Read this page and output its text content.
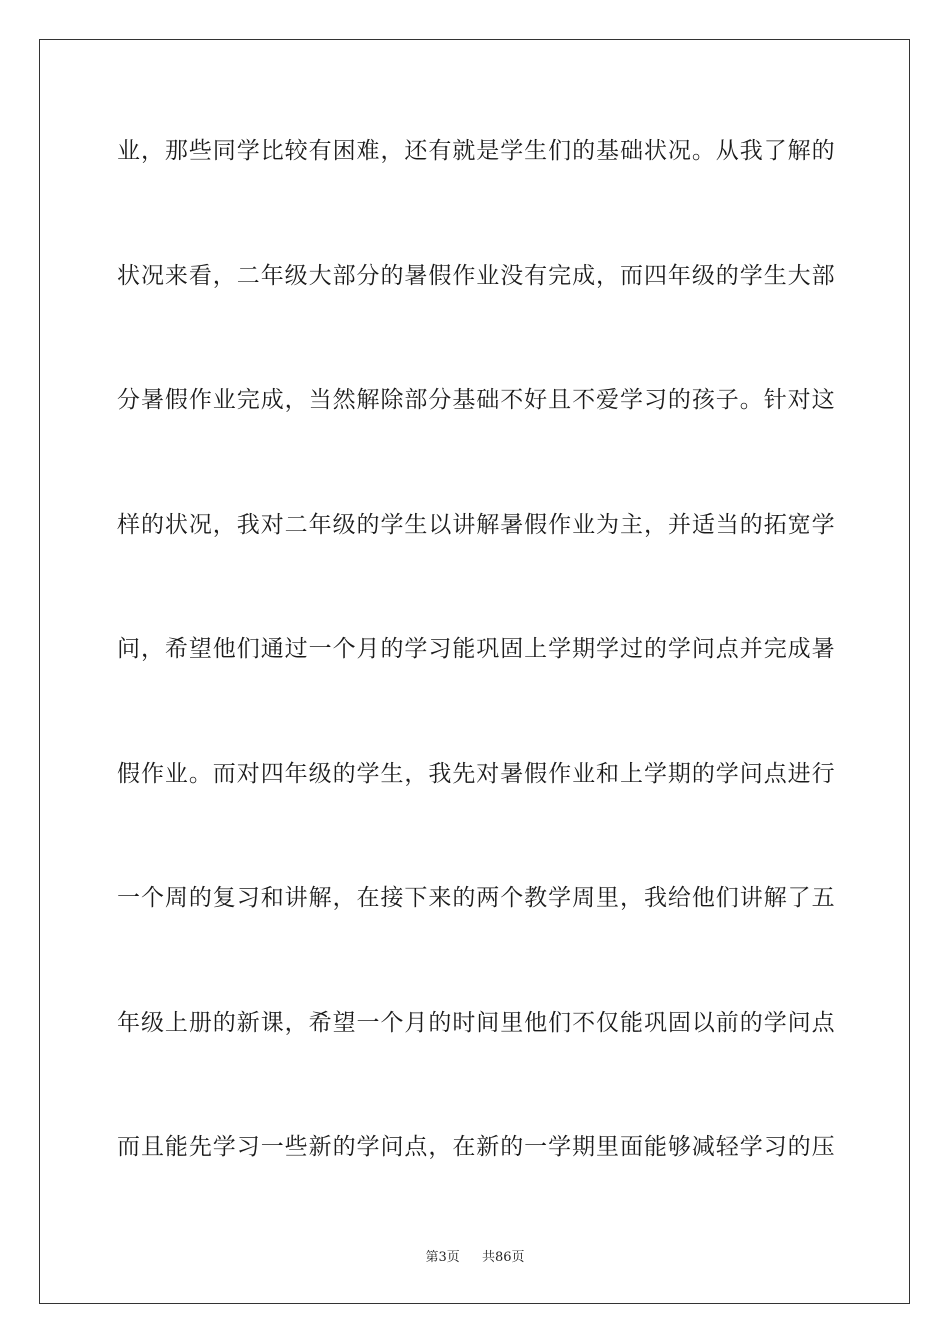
业，那些同学比较有困难，还有就是学生们的基础状况。从我了解的
状况来看，二年级大部分的暑假作业没有完成，而四年级的学生大部
分暑假作业完成，当然解除部分基础不好且不爱学习的孩子。针对这
样的状况，我对二年级的学生以讲解暑假作业为主，并适当的拓宽学
问，希望他们通过一个月的学习能巩固上学期学过的学问点并完成暑
假作业。而对四年级的学生，我先对暑假作业和上学期的学问点进行
一个周的复习和讲解，在接下来的两个教学周里，我给他们讲解了五
年级上册的新课，希望一个月的时间里他们不仅能巩固以前的学问点
而且能先学习一些新的学问点，在新的一学期里面能够减轻学习的压
第3页 共86页
